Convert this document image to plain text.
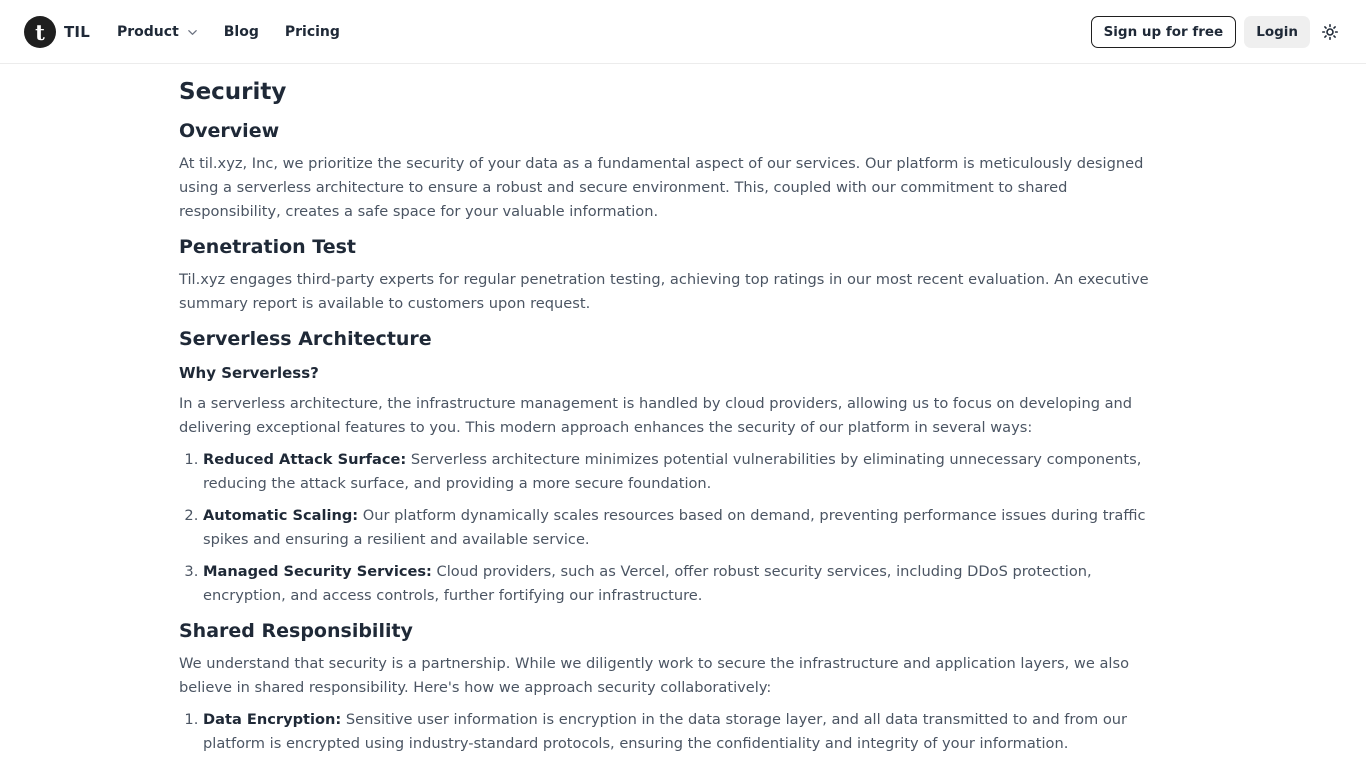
t	TIL Product	Blog Pricing	Sign up for free	Login
Security
Overview

At til.xyz, Inc, we prioritize the security of your data as a fundamental aspect of our services. Our platform is meticulously designed using a serverless architecture to ensure a robust and secure environment. This, coupled with our commitment to shared responsibility, creates a safe space for your valuable information.

Penetration Test

Til.xyz engages third-party experts for regular penetration testing, achieving top ratings in our most recent evaluation. An executive summary report is available to customers upon request.

Serverless Architecture
Why Serverless?

In a serverless architecture, the infrastructure management is handled by cloud providers, allowing us to focus on developing and delivering exceptional features to you. This modern approach enhances the security of our platform in several ways:

1. Reduced Attack Surface: Serverless architecture minimizes potential vulnerabilities by eliminating unnecessary components, reducing the attack surface, and providing a more secure foundation.
2. Automatic Scaling: Our platform dynamically scales resources based on demand, preventing performance issues during traffic spikes and ensuring a resilient and available service.
3. Managed Security Services: Cloud providers, such as Vercel, offer robust security services, including DDoS protection, encryption, and access controls, further fortifying our infrastructure.
Shared Responsibility

We understand that security is a partnership. While we diligently work to secure the infrastructure and application layers, we also believe in shared responsibility. Here's how we approach security collaboratively:

1. Data Encryption: Sensitive user information is encryption in the data storage layer, and all data transmitted to and from our platform is encrypted using industry-standard protocols, ensuring the confidentiality and integrity of your information.
